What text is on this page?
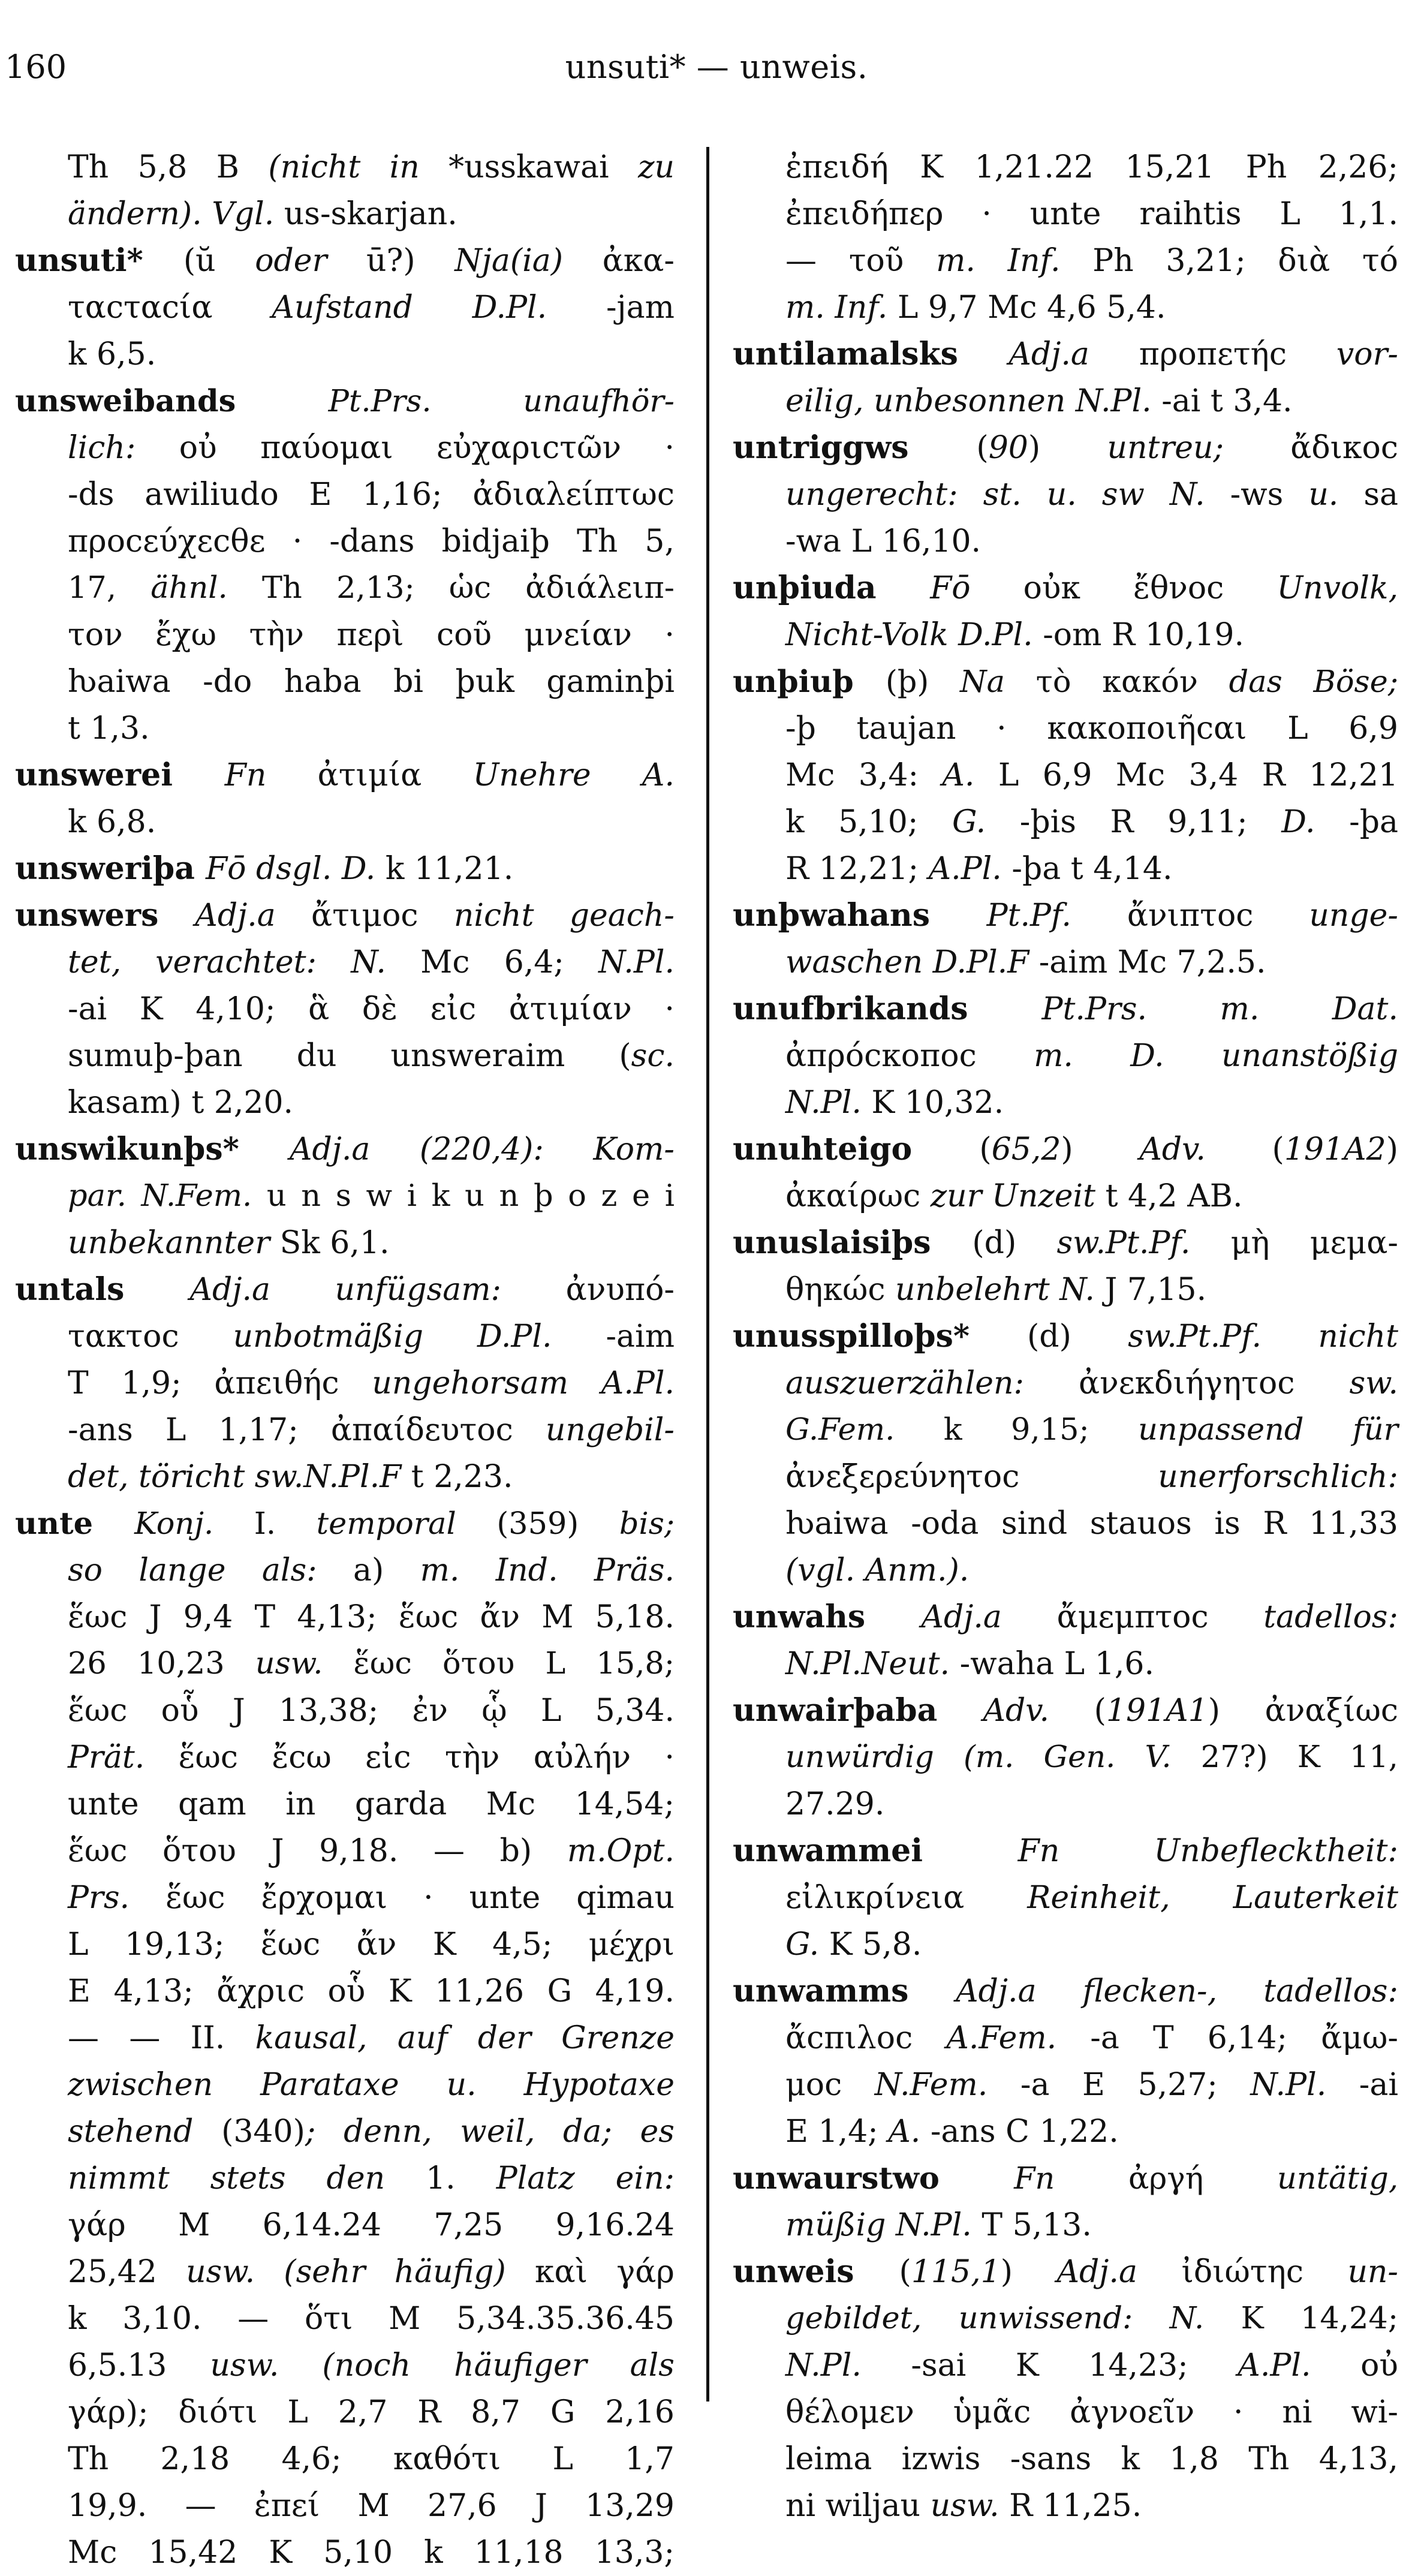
160	unsuti* — unweis.
Th 5,8 B (nicht in *usskawai zu
ändern). Vgl. us-skarjan.
unsuti* (ŭ oder ū?) Nja(ia) ἀκα-
ταcταcία Aufstand D.Pl. -jam
k 6,5.
unsweibands Pt.Prs. unaufhör-
lich: οὐ παύομαι εὐχαριcτῶν ·
-ds awiliudo E 1,16; ἀδιαλείπτωc
προcεύχεcθε · -dans bidjaiþ Th 5,
17, ähnl. Th 2,13; ὡc ἀδιάλειπ-
τον ἔχω τὴν περὶ cοῦ μνείαν ·
ƕaiwa -do haba bi þuk gaminþi
t 1,3.
unswerei Fn ἀτιμία Unehre A.
k 6,8.
unsweriþa Fō dsgl. D. k 11,21.
unswers Adj.a ἄτιμοc nicht geach-
tet, verachtet: N. Mc 6,4; N.Pl.
-ai K 4,10; ἃ δὲ εἰc ἀτιμίαν ·
sumuþ-þan du unsweraim (sc.
kasam) t 2,20.
unswikunþs* Adj.a (220,4): Kom-
par. N.Fem. u n s w i k u n þ o z e i
unbekannter Sk 6,1.
untals Adj.a unfügsam: ἀνυπό-
τακτοc unbotmäßig D.Pl. -aim
T 1,9; ἀπειθήc ungehorsam A.Pl.
-ans L 1,17; ἀπαίδευτοc ungebil-
det, töricht sw.N.Pl.F t 2,23.
unte Konj. I. temporal (359) bis;
so lange als: a) m. Ind. Präs.
ἕωc J 9,4 T 4,13; ἕωc ἄν M 5,18.
26 10,23 usw. ἕωc ὅτου L 15,8;
ἕωc οὗ J 13,38; ἐν ᾧ L 5,34.
Prät. ἕωc ἔcω εἰc τὴν αὐλήν ·
unte qam in garda Mc 14,54;
ἕωc ὅτου J 9,18. — b) m.Opt.
Prs. ἕωc ἔρχομαι · unte qimau
L 19,13; ἕωc ἄν K 4,5; μέχρι
E 4,13; ἄχριc οὗ K 11,26 G 4,19.
— — II. kausal, auf der Grenze
zwischen Parataxe u. Hypotaxe
stehend (340); denn, weil, da; es
nimmt stets den 1. Platz ein:
γάρ M 6,14.24 7,25 9,16.24
25,42 usw. (sehr häufig) καὶ γάρ
k 3,10. — ὅτι M 5,34.35.36.45
6,5.13 usw. (noch häufiger als
γάρ); διότι L 2,7 R 8,7 G 2,16
Th 2,18 4,6; καθότι L 1,7
19,9. — ἐπεί M 27,6 J 13,29
Mc 15,42 K 5,10 k 11,18 13,3;
ἐπειδή K 1,21.22 15,21 Ph 2,26;
ἐπειδήπερ · unte raihtis L 1,1.
— τοῦ m. Inf. Ph 3,21; διὰ τό
m. Inf. L 9,7 Mc 4,6 5,4.
untilamalsks Adj.a προπετήc vor-
eilig, unbesonnen N.Pl. -ai t 3,4.
untriggws (90) untreu; ἄδικοc
ungerecht: st. u. sw N. -ws u. sa
-wa L 16,10.
unþiuda Fō οὐκ ἔθνοc Unvolk,
Nicht-Volk D.Pl. -om R 10,19.
unþiuþ (þ) Na τὸ κακόν das Böse;
-þ taujan · κακοποιῆcαι L 6,9
Mc 3,4: A. L 6,9 Mc 3,4 R 12,21
k 5,10; G. -þis R 9,11; D. -þa
R 12,21; A.Pl. -þa t 4,14.
unþwahans Pt.Pf. ἄνιπτοc unge-
waschen D.Pl.F -aim Mc 7,2.5.
unufbrikands Pt.Prs. m. Dat.
ἀπρόcκοποc m. D. unanstößig
N.Pl. K 10,32.
unuhteigo (65,2) Adv. (191A2)
ἀκαίρωc zur Unzeit t 4,2 AB.
unuslaisiþs (d) sw.Pt.Pf. μὴ μεμα-
θηκώc unbelehrt N. J 7,15.
unusspilloþs* (d) sw.Pt.Pf. nicht
auszuerzählen: ἀνεκδιήγητοc sw.
G.Fem. k 9,15; unpassend für
ἀνεξερεύνητοc unerforschlich:
ƕaiwa -oda sind stauos is R 11,33
(vgl. Anm.).
unwahs Adj.a ἄμεμπτοc tadellos:
N.Pl.Neut. -waha L 1,6.
unwairþaba Adv. (191A1) ἀναξίωc
unwürdig (m. Gen. V. 27?) K 11,
27.29.
unwammei Fn Unbeflecktheit:
εἰλικρίνεια Reinheit, Lauterkeit
G. K 5,8.
unwamms Adj.a flecken-, tadellos:
ἄcπιλοc A.Fem. -a T 6,14; ἄμω-
μοc N.Fem. -a E 5,27; N.Pl. -ai
E 1,4; A. -ans C 1,22.
unwaurstwo Fn ἀργή untätig,
müßig N.Pl. T 5,13.
unweis (115,1) Adj.a ἰδιώτηc un-
gebildet, unwissend: N. K 14,24;
N.Pl. -sai K 14,23; A.Pl. οὐ
θέλομεν ὑμᾶc ἀγνοεῖν · ni wi-
leima izwis -sans k 1,8 Th 4,13,
ni wiljau usw. R 11,25.
